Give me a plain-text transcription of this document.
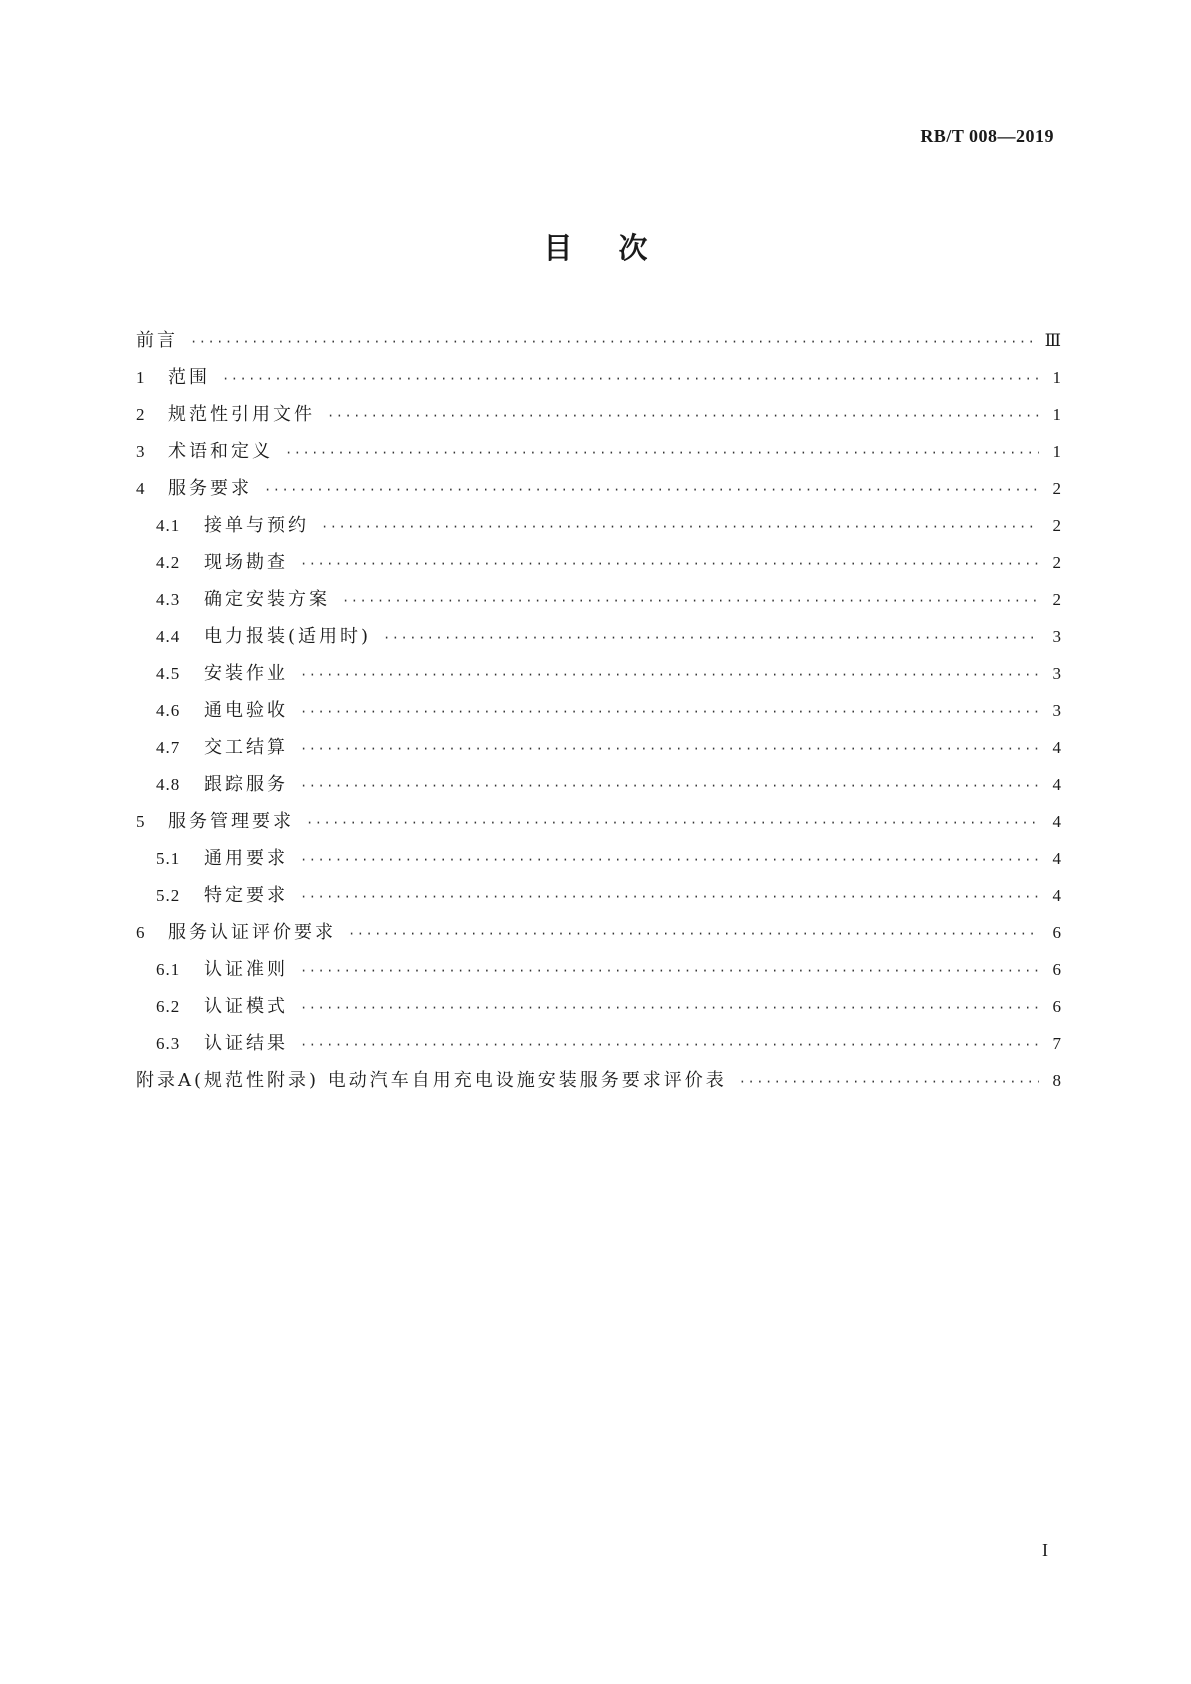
RB/T 008—2019
目次
前言 ·····	Ⅲ
1	范围 ·····	1
2	规范性引用文件 ·····	1
3	术语和定义 ·····	1
4	服务要求 ·····	2
4.1	接单与预约 ·····	2
4.2	现场勘查 ·····	2
4.3	确定安装方案 ·····	2
4.4	电力报装(适用时) ·····	3
4.5	安装作业 ·····	3
4.6	通电验收 ·····	3
4.7	交工结算 ·····	4
4.8	跟踪服务 ·····	4
5	服务管理要求 ·····	4
5.1	通用要求 ·····	4
5.2	特定要求 ·····	4
6	服务认证评价要求 ·····	6
6.1	认证准则 ·····	6
6.2	认证模式 ·····	6
6.3	认证结果 ·····	7
附录A(规范性附录) 电动汽车自用充电设施安装服务要求评价表 ·····	8
I
